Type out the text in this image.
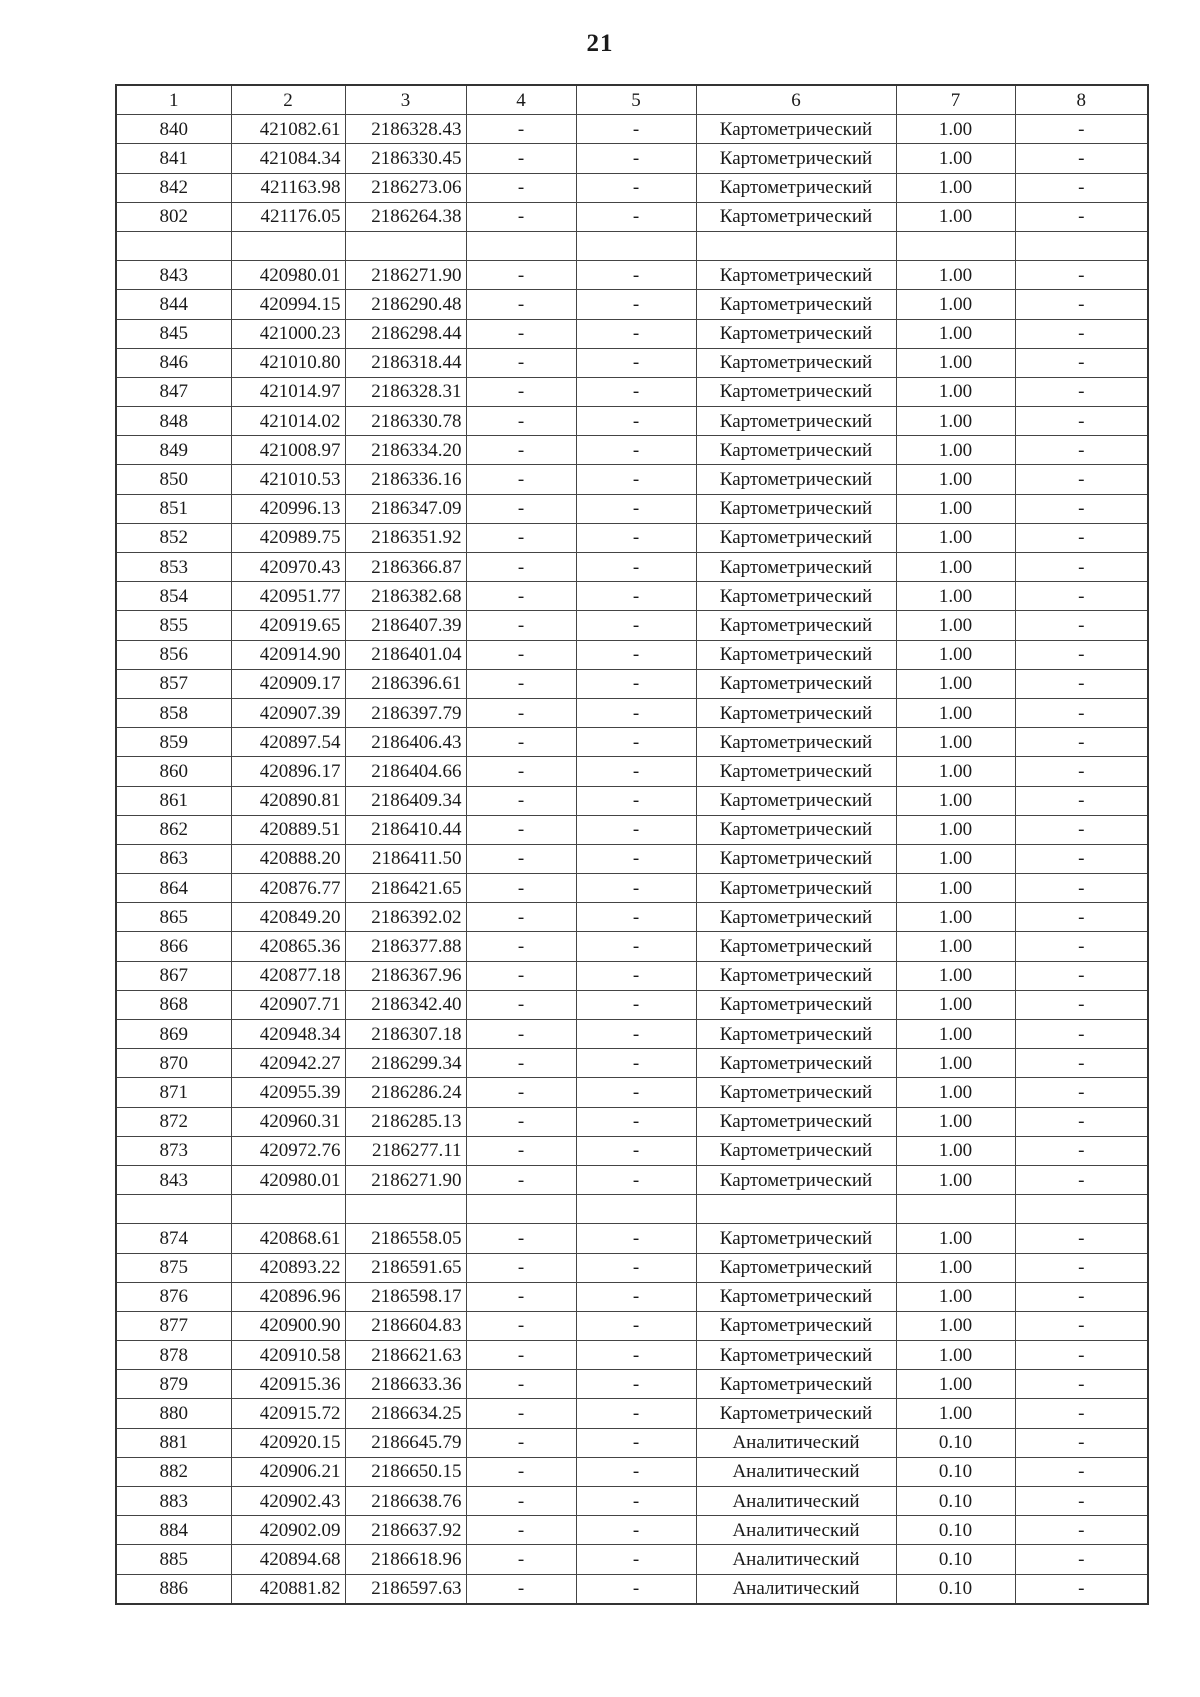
21
1	2	3	4	5	6	7	8
840	421082.61	2186328.43	-	-	Картометрический	1.00	-
841	421084.34	2186330.45	-	-	Картометрический	1.00	-
842	421163.98	2186273.06	-	-	Картометрический	1.00	-
802	421176.05	2186264.38	-	-	Картометрический	1.00	-

843	420980.01	2186271.90	-	-	Картометрический	1.00	-
844	420994.15	2186290.48	-	-	Картометрический	1.00	-
845	421000.23	2186298.44	-	-	Картометрический	1.00	-
846	421010.80	2186318.44	-	-	Картометрический	1.00	-
847	421014.97	2186328.31	-	-	Картометрический	1.00	-
848	421014.02	2186330.78	-	-	Картометрический	1.00	-
849	421008.97	2186334.20	-	-	Картометрический	1.00	-
850	421010.53	2186336.16	-	-	Картометрический	1.00	-
851	420996.13	2186347.09	-	-	Картометрический	1.00	-
852	420989.75	2186351.92	-	-	Картометрический	1.00	-
853	420970.43	2186366.87	-	-	Картометрический	1.00	-
854	420951.77	2186382.68	-	-	Картометрический	1.00	-
855	420919.65	2186407.39	-	-	Картометрический	1.00	-
856	420914.90	2186401.04	-	-	Картометрический	1.00	-
857	420909.17	2186396.61	-	-	Картометрический	1.00	-
858	420907.39	2186397.79	-	-	Картометрический	1.00	-
859	420897.54	2186406.43	-	-	Картометрический	1.00	-
860	420896.17	2186404.66	-	-	Картометрический	1.00	-
861	420890.81	2186409.34	-	-	Картометрический	1.00	-
862	420889.51	2186410.44	-	-	Картометрический	1.00	-
863	420888.20	2186411.50	-	-	Картометрический	1.00	-
864	420876.77	2186421.65	-	-	Картометрический	1.00	-
865	420849.20	2186392.02	-	-	Картометрический	1.00	-
866	420865.36	2186377.88	-	-	Картометрический	1.00	-
867	420877.18	2186367.96	-	-	Картометрический	1.00	-
868	420907.71	2186342.40	-	-	Картометрический	1.00	-
869	420948.34	2186307.18	-	-	Картометрический	1.00	-
870	420942.27	2186299.34	-	-	Картометрический	1.00	-
871	420955.39	2186286.24	-	-	Картометрический	1.00	-
872	420960.31	2186285.13	-	-	Картометрический	1.00	-
873	420972.76	2186277.11	-	-	Картометрический	1.00	-
843	420980.01	2186271.90	-	-	Картометрический	1.00	-

874	420868.61	2186558.05	-	-	Картометрический	1.00	-
875	420893.22	2186591.65	-	-	Картометрический	1.00	-
876	420896.96	2186598.17	-	-	Картометрический	1.00	-
877	420900.90	2186604.83	-	-	Картометрический	1.00	-
878	420910.58	2186621.63	-	-	Картометрический	1.00	-
879	420915.36	2186633.36	-	-	Картометрический	1.00	-
880	420915.72	2186634.25	-	-	Картометрический	1.00	-
881	420920.15	2186645.79	-	-	Аналитический	0.10	-
882	420906.21	2186650.15	-	-	Аналитический	0.10	-
883	420902.43	2186638.76	-	-	Аналитический	0.10	-
884	420902.09	2186637.92	-	-	Аналитический	0.10	-
885	420894.68	2186618.96	-	-	Аналитический	0.10	-
886	420881.82	2186597.63	-	-	Аналитический	0.10	-
